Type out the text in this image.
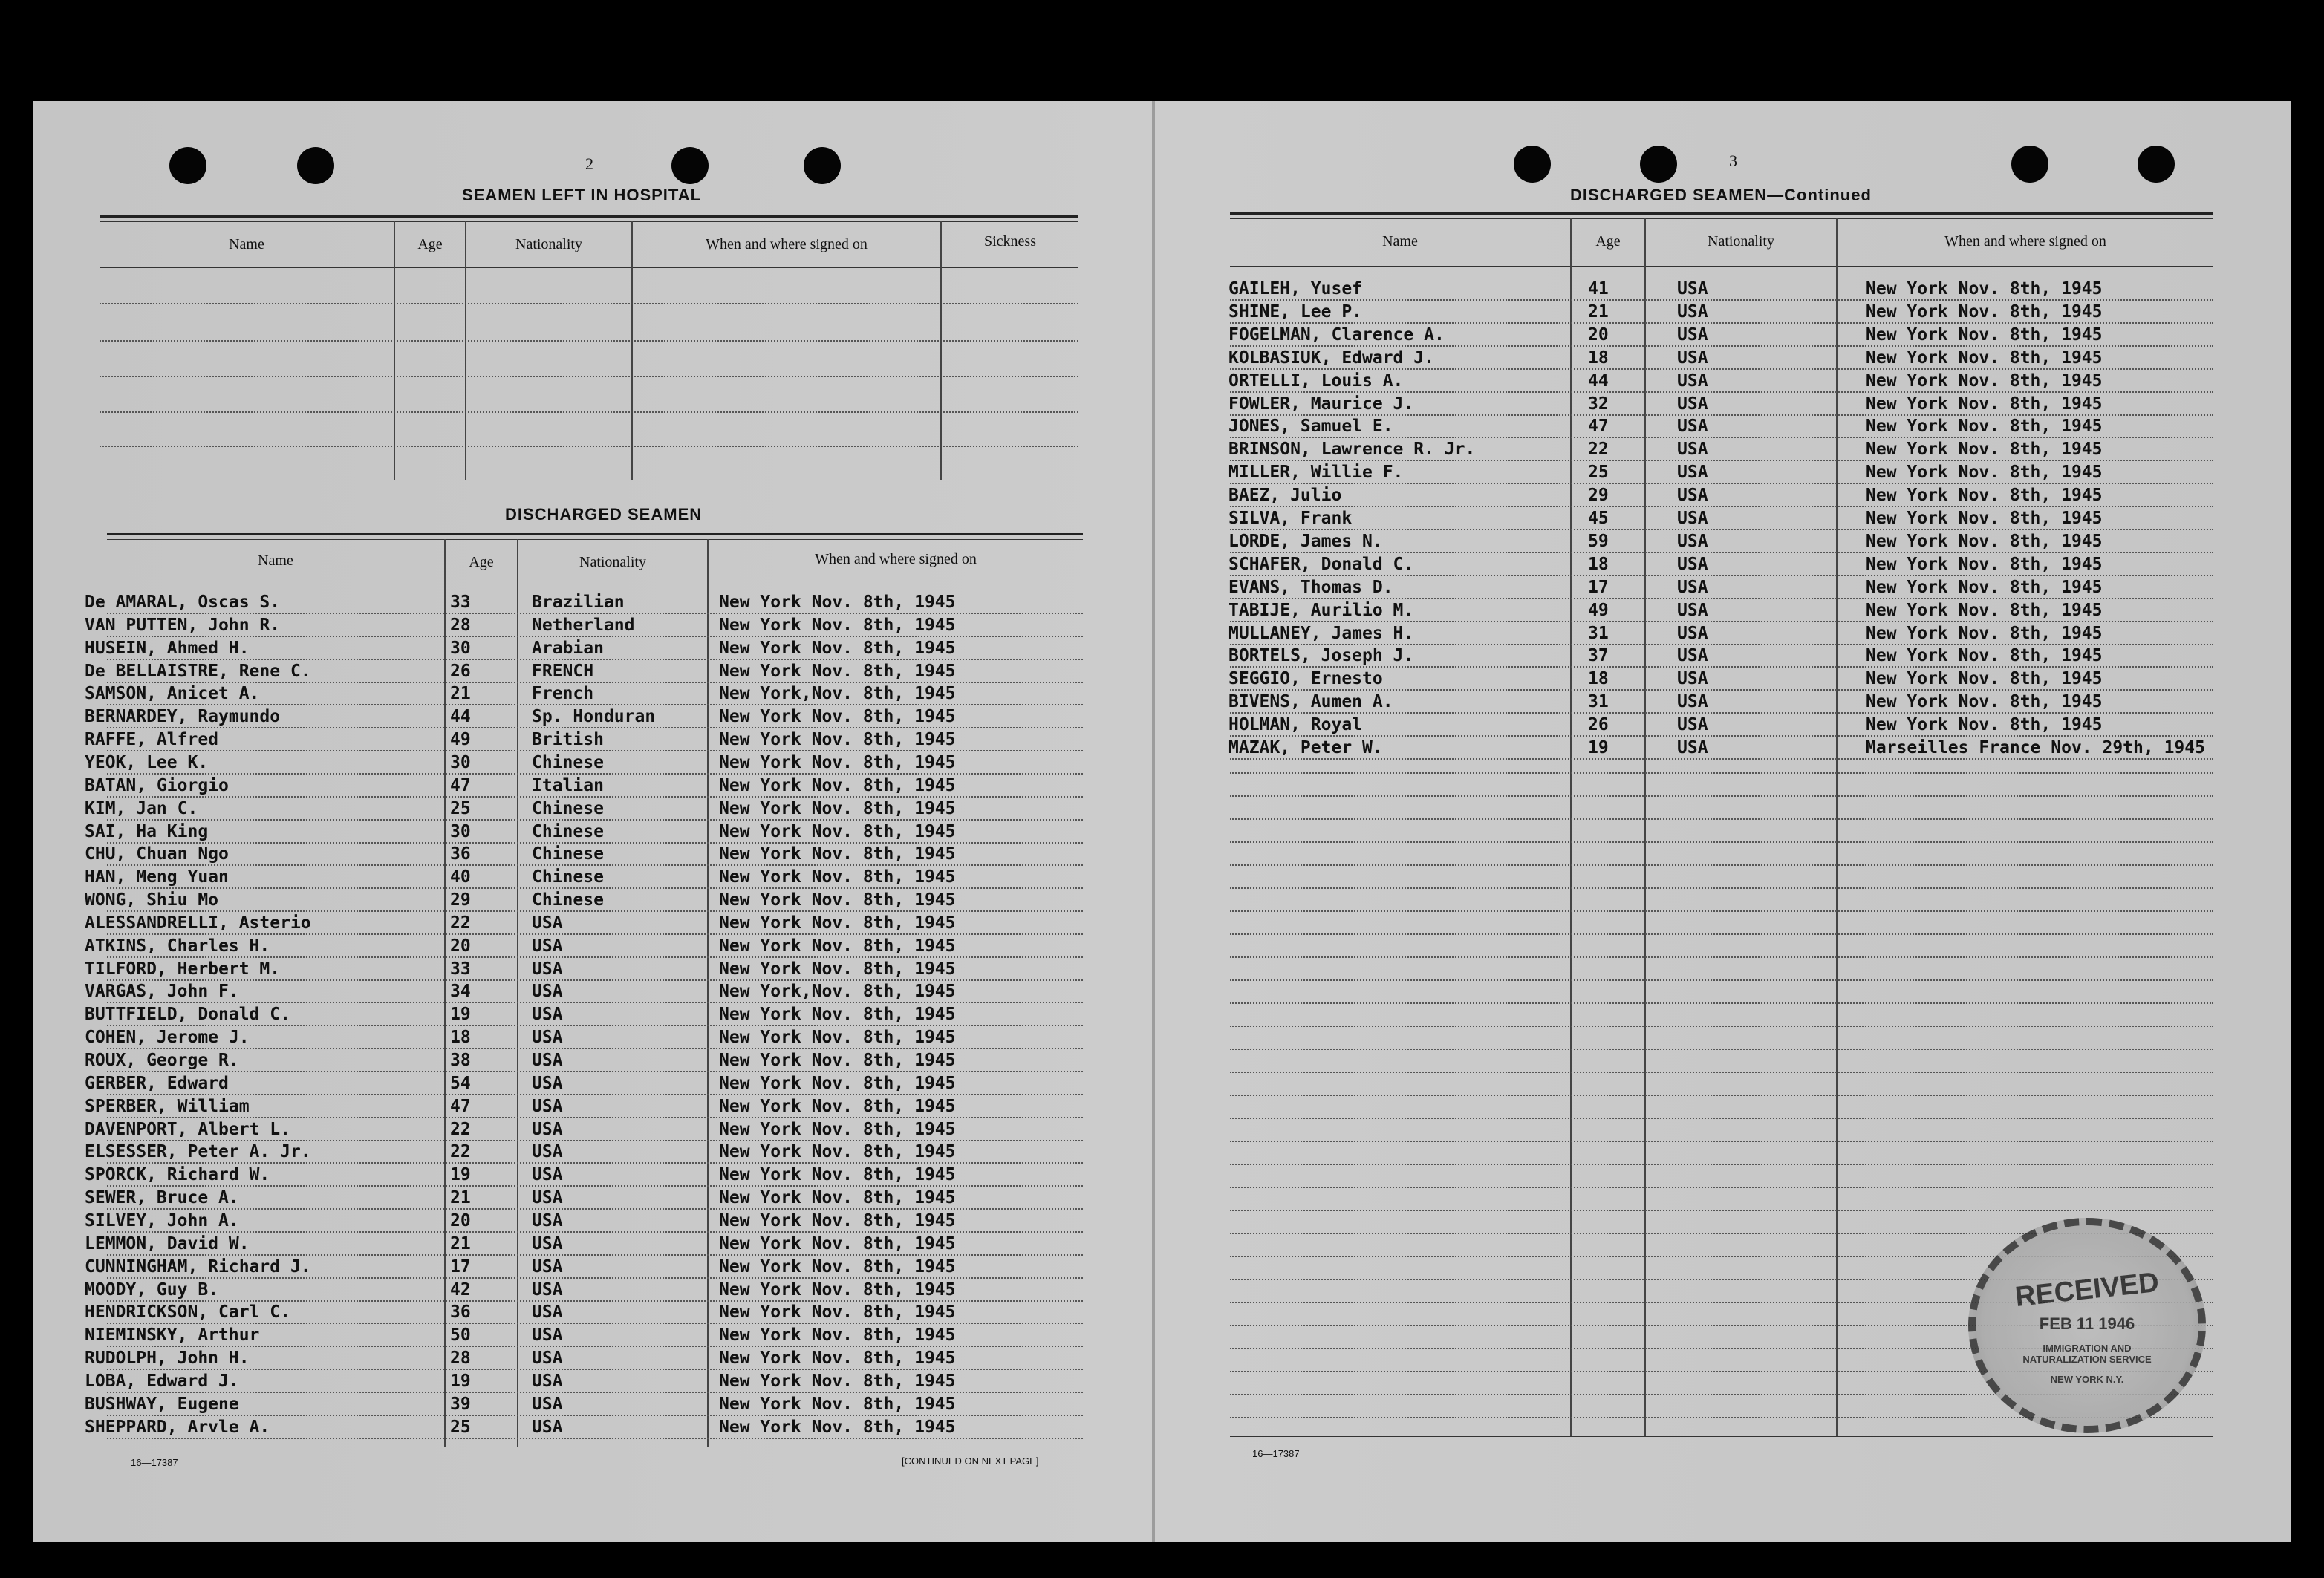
2
SEAMEN LEFT IN HOSPITAL
Name	Age	Nationality	When and where signed on	Sickness
DISCHARGED SEAMEN
Name	Age	Nationality	When and where signed on
De AMARAL, Oscas S.	33	Brazilian	New York Nov. 8th, 1945
VAN PUTTEN, John R.	28	Netherland	New York Nov. 8th, 1945
HUSEIN, Ahmed H.	30	Arabian	New York Nov. 8th, 1945
De BELLAISTRE, Rene C.	26	FRENCH	New York Nov. 8th, 1945
SAMSON, Anicet A.	21	French	New York,Nov. 8th, 1945
BERNARDEY, Raymundo	44	Sp. Honduran	New York Nov. 8th, 1945
RAFFE, Alfred	49	British	New York Nov. 8th, 1945
YEOK, Lee K.	30	Chinese	New York Nov. 8th, 1945
BATAN, Giorgio	47	Italian	New York Nov. 8th, 1945
KIM, Jan C.	25	Chinese	New York Nov. 8th, 1945
SAI, Ha King	30	Chinese	New York Nov. 8th, 1945
CHU, Chuan Ngo	36	Chinese	New York Nov. 8th, 1945
HAN, Meng Yuan	40	Chinese	New York Nov. 8th, 1945
WONG, Shiu Mo	29	Chinese	New York Nov. 8th, 1945
ALESSANDRELLI, Asterio	22	USA	New York Nov. 8th, 1945
ATKINS, Charles H.	20	USA	New York Nov. 8th, 1945
TILFORD, Herbert M.	33	USA	New York Nov. 8th, 1945
VARGAS, John F.	34	USA	New York,Nov. 8th, 1945
BUTTFIELD, Donald C.	19	USA	New York Nov. 8th, 1945
COHEN, Jerome J.	18	USA	New York Nov. 8th, 1945
ROUX, George R.	38	USA	New York Nov. 8th, 1945
GERBER, Edward	54	USA	New York Nov. 8th, 1945
SPERBER, William	47	USA	New York Nov. 8th, 1945
DAVENPORT, Albert L.	22	USA	New York Nov. 8th, 1945
ELSESSER, Peter A. Jr.	22	USA	New York Nov. 8th, 1945
SPORCK, Richard W.	19	USA	New York Nov. 8th, 1945
SEWER, Bruce A.	21	USA	New York Nov. 8th, 1945
SILVEY, John A.	20	USA	New York Nov. 8th, 1945
LEMMON, David W.	21	USA	New York Nov. 8th, 1945
CUNNINGHAM, Richard J.	17	USA	New York Nov. 8th, 1945
MOODY, Guy B.	42	USA	New York Nov. 8th, 1945
HENDRICKSON, Carl C.	36	USA	New York Nov. 8th, 1945
NIEMINSKY, Arthur	50	USA	New York Nov. 8th, 1945
RUDOLPH, John H.	28	USA	New York Nov. 8th, 1945
LOBA, Edward J.	19	USA	New York Nov. 8th, 1945
BUSHWAY, Eugene	39	USA	New York Nov. 8th, 1945
SHEPPARD, Arvle A.	25	USA	New York Nov. 8th, 1945
16—17387	[CONTINUED ON NEXT PAGE]
3
DISCHARGED SEAMEN—Continued
Name	Age	Nationality	When and where signed on
GAILEH, Yusef	41	USA	New York Nov. 8th, 1945
SHINE, Lee P.	21	USA	New York Nov. 8th, 1945
FOGELMAN, Clarence A.	20	USA	New York Nov. 8th, 1945
KOLBASIUK, Edward J.	18	USA	New York Nov. 8th, 1945
ORTELLI, Louis A.	44	USA	New York Nov. 8th, 1945
FOWLER, Maurice J.	32	USA	New York Nov. 8th, 1945
JONES, Samuel E.	47	USA	New York Nov. 8th, 1945
BRINSON, Lawrence R. Jr.	22	USA	New York Nov. 8th, 1945
MILLER, Willie F.	25	USA	New York Nov. 8th, 1945
BAEZ, Julio	29	USA	New York Nov. 8th, 1945
SILVA, Frank	45	USA	New York Nov. 8th, 1945
LORDE, James N.	59	USA	New York Nov. 8th, 1945
SCHAFER, Donald C.	18	USA	New York Nov. 8th, 1945
EVANS, Thomas D.	17	USA	New York Nov. 8th, 1945
TABIJE, Aurilio M.	49	USA	New York Nov. 8th, 1945
MULLANEY, James H.	31	USA	New York Nov. 8th, 1945
BORTELS, Joseph J.	37	USA	New York Nov. 8th, 1945
SEGGIO, Ernesto	18	USA	New York Nov. 8th, 1945
BIVENS, Aumen A.	31	USA	New York Nov. 8th, 1945
HOLMAN, Royal	26	USA	New York Nov. 8th, 1945
MAZAK, Peter W.	19	USA	Marseilles France Nov. 29th, 1945
16—17387
RECEIVED
FEB 11 1946
IMMIGRATION AND NATURALIZATION SERVICE
NEW YORK N.Y.
